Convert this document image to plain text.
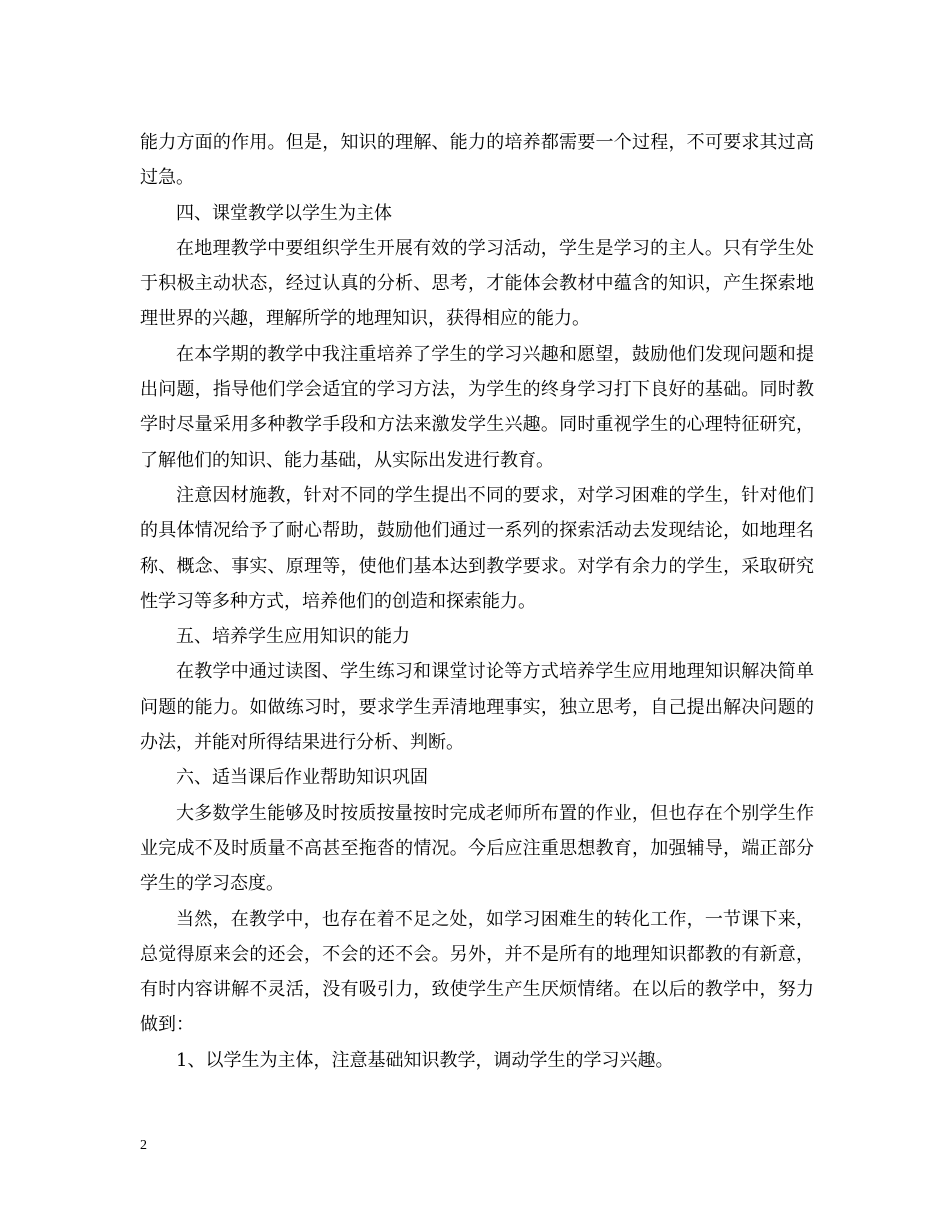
能力方面的作用。但是，知识的理解、能力的培养都需要一个过程，不可要求其过高过急。

四、课堂教学以学生为主体

在地理教学中要组织学生开展有效的学习活动，学生是学习的主人。只有学生处于积极主动状态，经过认真的分析、思考，才能体会教材中蕴含的知识，产生探索地理世界的兴趣，理解所学的地理知识，获得相应的能力。

在本学期的教学中我注重培养了学生的学习兴趣和愿望，鼓励他们发现问题和提出问题，指导他们学会适宜的学习方法，为学生的终身学习打下良好的基础。同时教学时尽量采用多种教学手段和方法来激发学生兴趣。同时重视学生的心理特征研究，了解他们的知识、能力基础，从实际出发进行教育。

注意因材施教，针对不同的学生提出不同的要求，对学习困难的学生，针对他们的具体情况给予了耐心帮助，鼓励他们通过一系列的探索活动去发现结论，如地理名称、概念、事实、原理等，使他们基本达到教学要求。对学有余力的学生，采取研究性学习等多种方式，培养他们的创造和探索能力。

五、培养学生应用知识的能力

在教学中通过读图、学生练习和课堂讨论等方式培养学生应用地理知识解决简单问题的能力。如做练习时，要求学生弄清地理事实，独立思考，自己提出解决问题的办法，并能对所得结果进行分析、判断。

六、适当课后作业帮助知识巩固

大多数学生能够及时按质按量按时完成老师所布置的作业，但也存在个别学生作业完成不及时质量不高甚至拖沓的情况。今后应注重思想教育，加强辅导，端正部分学生的学习态度。

当然，在教学中，也存在着不足之处，如学习困难生的转化工作，一节课下来，总觉得原来会的还会，不会的还不会。另外，并不是所有的地理知识都教的有新意，有时内容讲解不灵活，没有吸引力，致使学生产生厌烦情绪。在以后的教学中，努力做到：

1、以学生为主体，注意基础知识教学，调动学生的学习兴趣。

2
